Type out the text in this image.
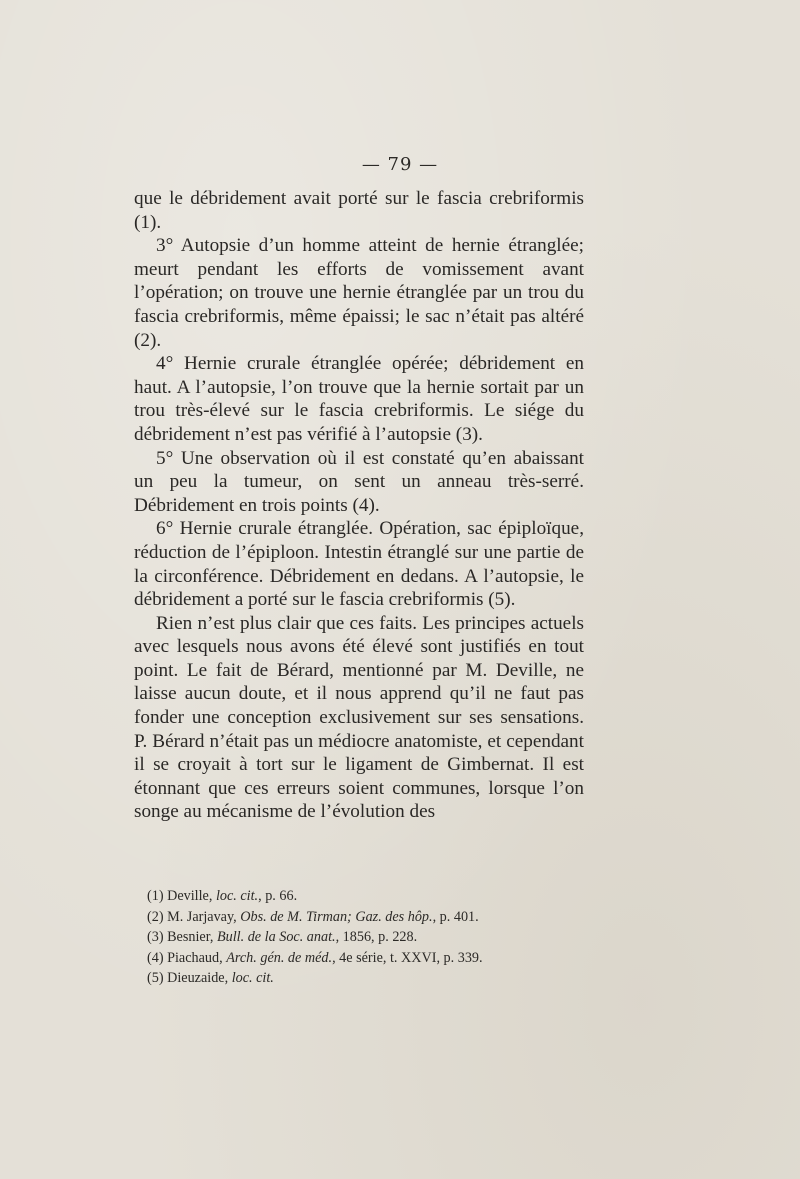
— 79 —

que le débridement avait porté sur le fascia crebriformis (1).

3° Autopsie d’un homme atteint de hernie étranglée; meurt pendant les efforts de vomissement avant l’opération; on trouve une hernie étranglée par un trou du fascia crebriformis, même épaissi; le sac n’était pas altéré (2).

4° Hernie crurale étranglée opérée; débridement en haut. A l’autopsie, l’on trouve que la hernie sortait par un trou très-élevé sur le fascia crebriformis. Le siége du débridement n’est pas vérifié à l’autopsie (3).

5° Une observation où il est constaté qu’en abaissant un peu la tumeur, on sent un anneau très-serré. Débridement en trois points (4).

6° Hernie crurale étranglée. Opération, sac épiploïque, réduction de l’épiploon. Intestin étranglé sur une partie de la circonférence. Débridement en dedans. A l’autopsie, le débridement a porté sur le fascia crebriformis (5).

Rien n’est plus clair que ces faits. Les principes actuels avec lesquels nous avons été élevé sont justifiés en tout point. Le fait de Bérard, mentionné par M. Deville, ne laisse aucun doute, et il nous apprend qu’il ne faut pas fonder une conception exclusivement sur ses sensations. P. Bérard n’était pas un médiocre anatomiste, et cependant il se croyait à tort sur le ligament de Gimbernat. Il est étonnant que ces erreurs soient communes, lorsque l’on songe au mécanisme de l’évolution des

(1) Deville, loc. cit., p. 66.
(2) M. Jarjavay, Obs. de M. Tirman; Gaz. des hôp., p. 401.
(3) Besnier, Bull. de la Soc. anat., 1856, p. 228.
(4) Piachaud, Arch. gén. de méd., 4e série, t. XXVI, p. 339.
(5) Dieuzaide, loc. cit.
